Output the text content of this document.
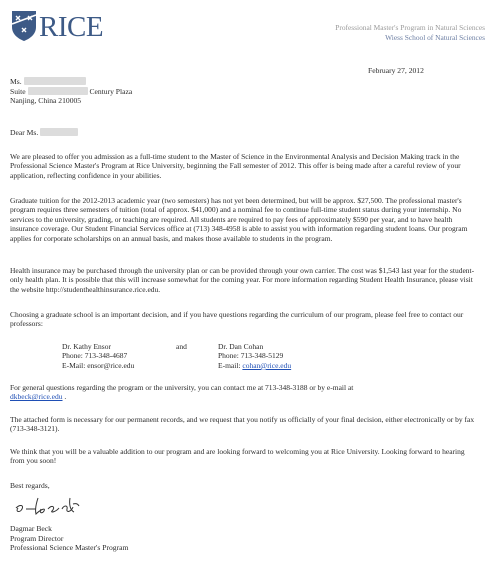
RICE	Professional Master's Program in Natural Sciences
Wiess School of Natural Sciences
February 27, 2012
Ms.
Suite	Century Plaza
Nanjing, China 210005
Dear Ms.
We are pleased to offer you admission as a full-time student to the Master of Science in the Environmental Analysis and Decision Making track in the Professional Science Master's Program at Rice University, beginning the Fall semester of 2012. This offer is being made after a careful review of your application, reflecting confidence in your abilities.
Graduate tuition for the 2012-2013 academic year (two semesters) has not yet been determined, but will be approx. $27,500. The professional master's program requires three semesters of tuition (total of approx. $41,000) and a nominal fee to continue full-time student status during your internship. No services to the university, grading, or teaching are required. All students are required to pay fees of approximately $590 per year, and to have health insurance coverage. Our Student Financial Services office at (713) 348-4958 is able to assist you with information regarding student loans. Our program applies for corporate scholarships on an annual basis, and makes those available to students in the program.
Health insurance may be purchased through the university plan or can be provided through your own carrier. The cost was $1,543 last year for the student-only health plan. It is possible that this will increase somewhat for the coming year. For more information regarding Student Health Insurance, please visit the website http://studenthealthinsurance.rice.edu.
Choosing a graduate school is an important decision, and if you have questions regarding the curriculum of our program, please feel free to contact our professors:
Dr. Kathy Ensor
Phone: 713-348-4687
E-Mail: ensor@rice.edu
and	Dr. Dan Cohan
Phone: 713-348-5129
E-mail: cohan@rice.edu
For general questions regarding the program or the university, you can contact me at 713-348-3188 or by e-mail at
dkbeck@rice.edu .
The attached form is necessary for our permanent records, and we request that you notify us officially of your final decision, either electronically or by fax (713-348-3121).
We think that you will be a valuable addition to our program and are looking forward to welcoming you at Rice University. Looking forward to hearing from you soon!
Best regards,
Dagmar Beck
Program Director
Professional Science Master's Program
